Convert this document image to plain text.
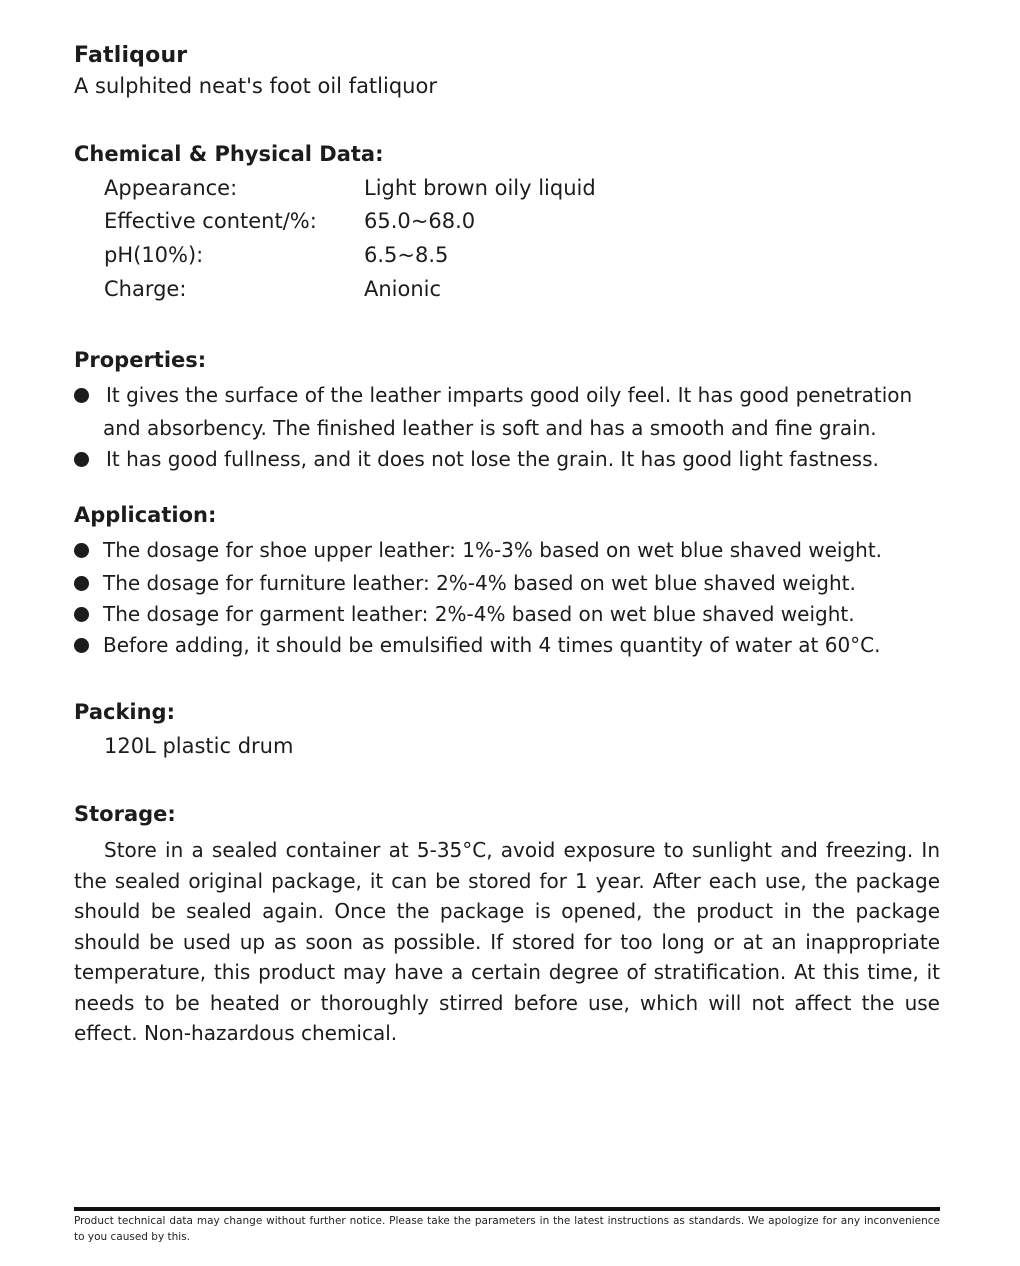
Fatliqour
A sulphited neat's foot oil fatliquor
Chemical & Physical Data:
Appearance:	Light brown oily liquid
Effective content/%: 65.0~68.0
pH(10%):	6.5~8.5
Charge:	Anionic
Properties:
It gives the surface of the leather imparts good oily feel. It has good penetration
and absorbency. The finished leather is soft and has a smooth and fine grain.
It has good fullness, and it does not lose the grain. It has good light fastness.
Application:
The dosage for shoe upper leather: 1%-3% based on wet blue shaved weight.
The dosage for furniture leather: 2%-4% based on wet blue shaved weight.
The dosage for garment leather: 2%-4% based on wet blue shaved weight.
Before adding, it should be emulsified with 4 times quantity of water at 60°C.
Packing:
120L plastic drum
Storage:
Store in a sealed container at 5-35°C, avoid exposure to sunlight and freezing. In the sealed original package, it can be stored for 1 year. After each use, the package should be sealed again. Once the package is opened, the product in the package should be used up as soon as possible. If stored for too long or at an inappropriate temperature, this product may have a certain degree of stratification. At this time, it needs to be heated or thoroughly stirred before use, which will not affect the use effect. Non-hazardous chemical.
Product technical data may change without further notice. Please take the parameters in the latest instructions as standards. We apologize for any inconvenience to you caused by this.
